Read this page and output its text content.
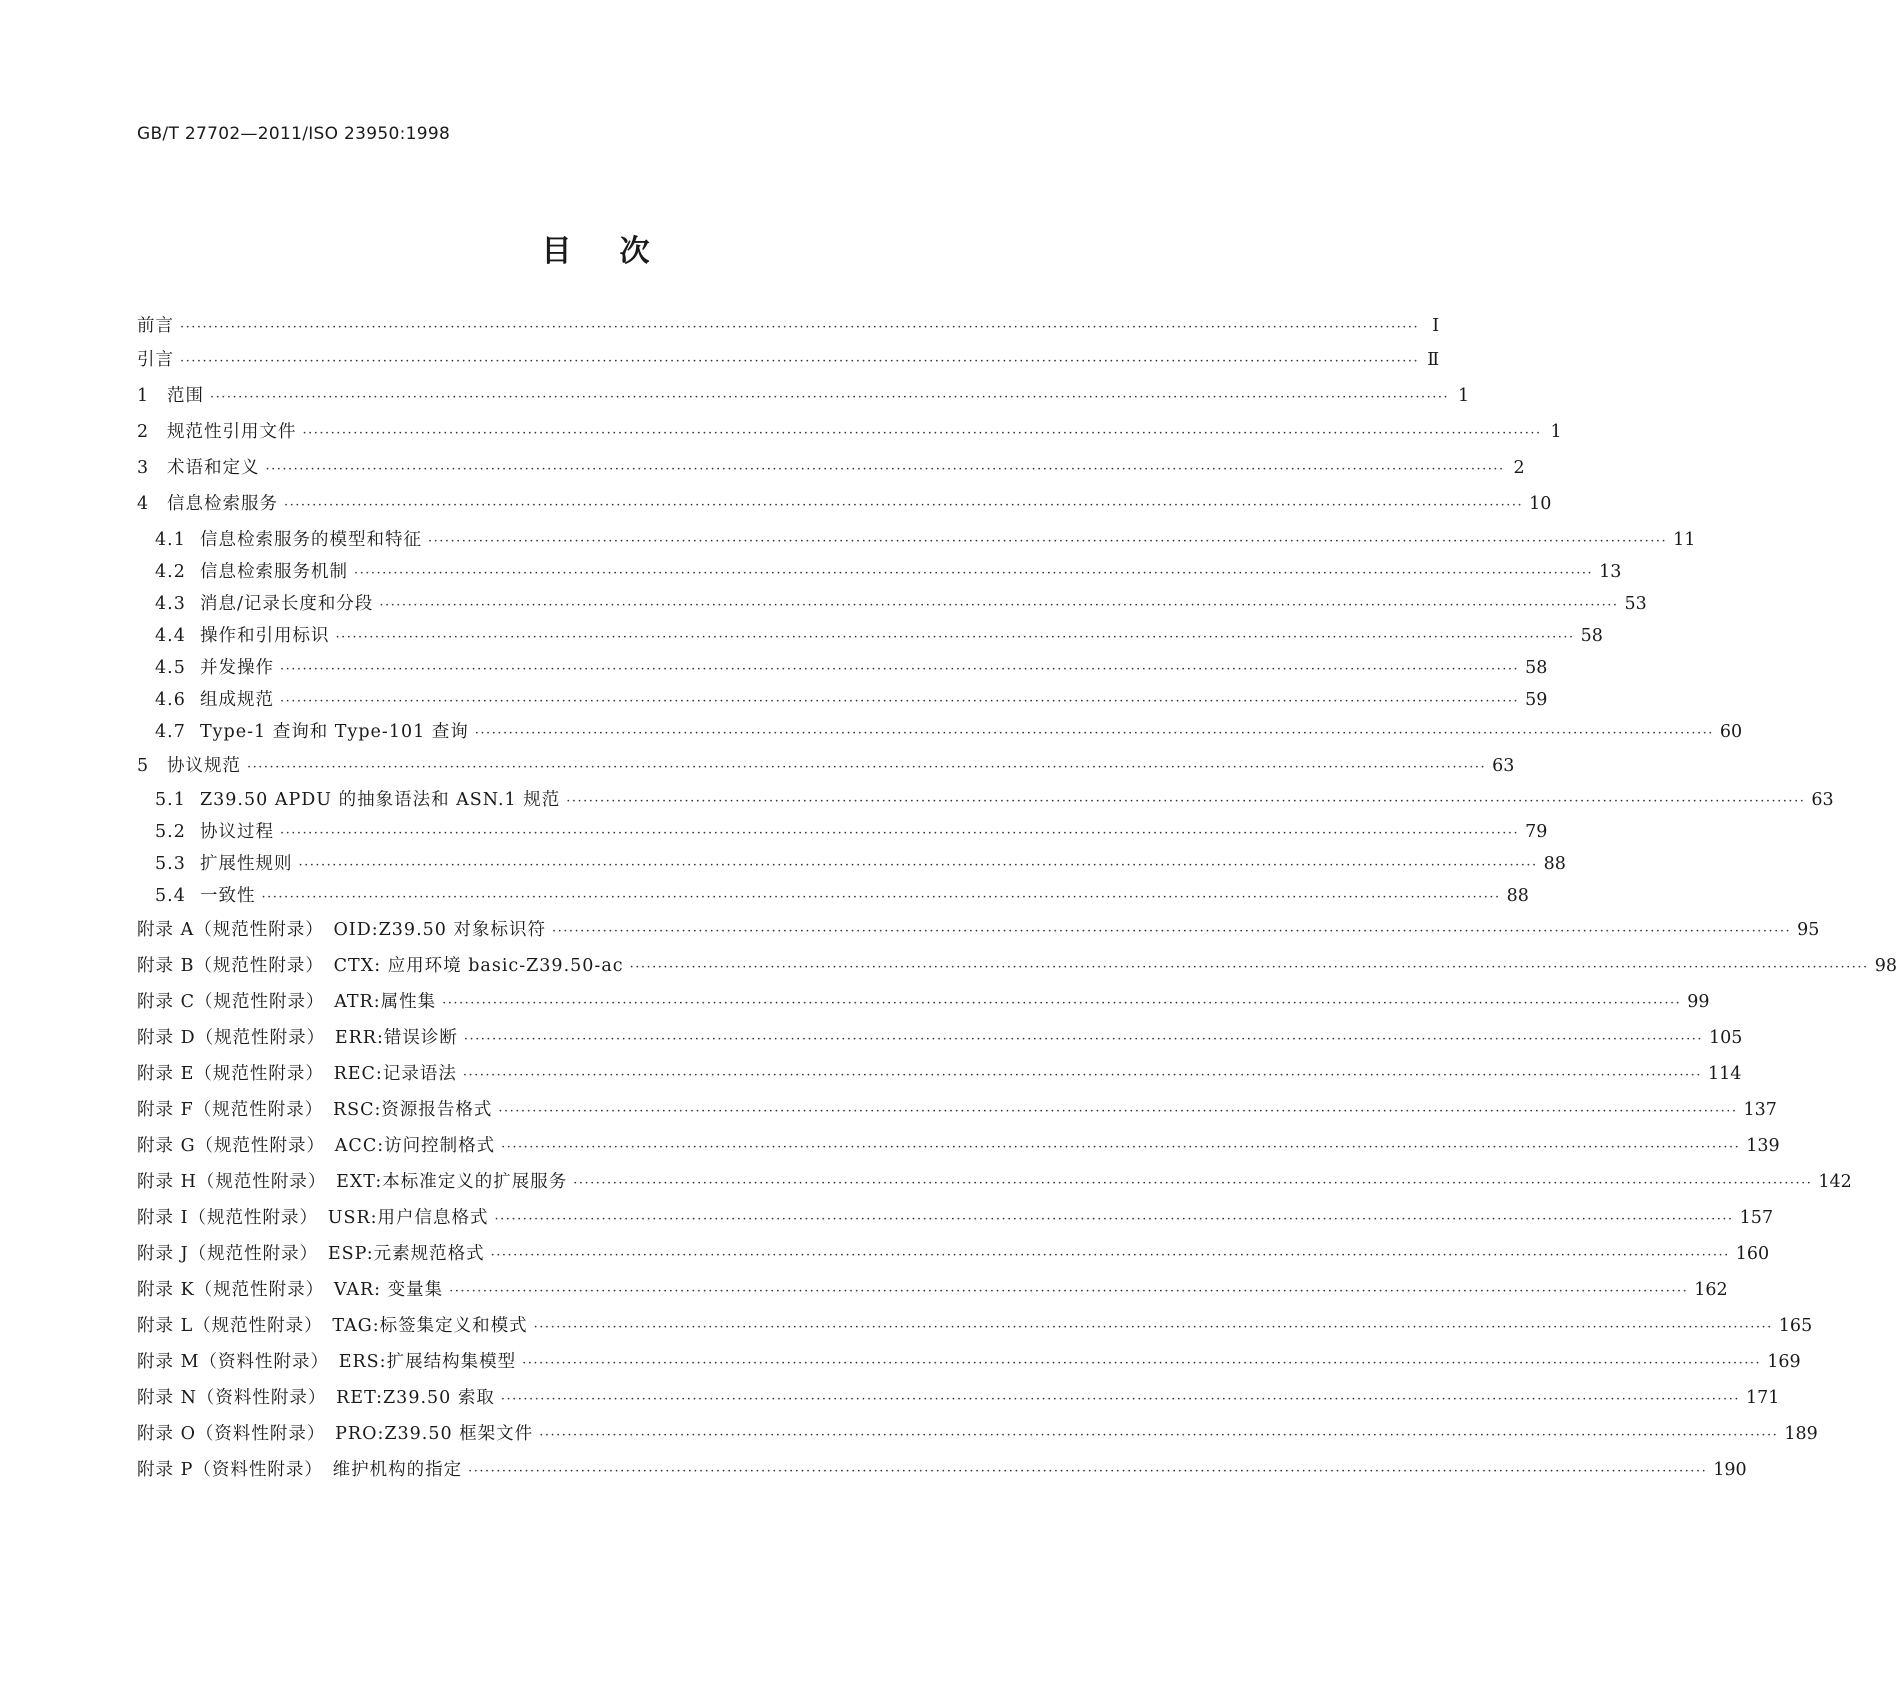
GB/T 27702—2011/ISO 23950:1998
目次
前言 ···························································································································································································································· Ⅰ
引言 ···························································································································································································································· Ⅱ
1 范围 ···························································································································································································································· 1
2 规范性引用文件 ···························································································································································································································· 1
3 术语和定义 ···························································································································································································································· 2
4 信息检索服务 ···························································································································································································································· 10
4.1 信息检索服务的模型和特征 ···························································································································································································································· 11
4.2 信息检索服务机制 ···························································································································································································································· 13
4.3 消息/记录长度和分段 ···························································································································································································································· 53
4.4 操作和引用标识 ···························································································································································································································· 58
4.5 并发操作 ···························································································································································································································· 58
4.6 组成规范 ···························································································································································································································· 59
4.7 Type-1 查询和 Type-101 查询 ···························································································································································································································· 60
5 协议规范 ···························································································································································································································· 63
5.1 Z39.50 APDU 的抽象语法和 ASN.1 规范 ···························································································································································································································· 63
5.2 协议过程 ···························································································································································································································· 79
5.3 扩展性规则 ···························································································································································································································· 88
5.4 一致性 ···························································································································································································································· 88
附录 A（规范性附录）　OID:Z39.50 对象标识符 ···························································································································································································································· 95
附录 B（规范性附录）　CTX: 应用环境 basic-Z39.50-ac ···························································································································································································································· 98
附录 C（规范性附录）　ATR:属性集 ···························································································································································································································· 99
附录 D（规范性附录）　ERR:错误诊断 ···························································································································································································································· 105
附录 E（规范性附录）　REC:记录语法 ···························································································································································································································· 114
附录 F（规范性附录）　RSC:资源报告格式 ···························································································································································································································· 137
附录 G（规范性附录）　ACC:访问控制格式 ···························································································································································································································· 139
附录 H（规范性附录）　EXT:本标准定义的扩展服务 ···························································································································································································································· 142
附录 I（规范性附录）　USR:用户信息格式 ···························································································································································································································· 157
附录 J（规范性附录）　ESP:元素规范格式 ···························································································································································································································· 160
附录 K（规范性附录）　VAR: 变量集 ···························································································································································································································· 162
附录 L（规范性附录）　TAG:标签集定义和模式 ···························································································································································································································· 165
附录 M（资料性附录）　ERS:扩展结构集模型 ···························································································································································································································· 169
附录 N（资料性附录）　RET:Z39.50 索取 ···························································································································································································································· 171
附录 O（资料性附录）　PRO:Z39.50 框架文件 ···························································································································································································································· 189
附录 P（资料性附录）　维护机构的指定 ···························································································································································································································· 190
